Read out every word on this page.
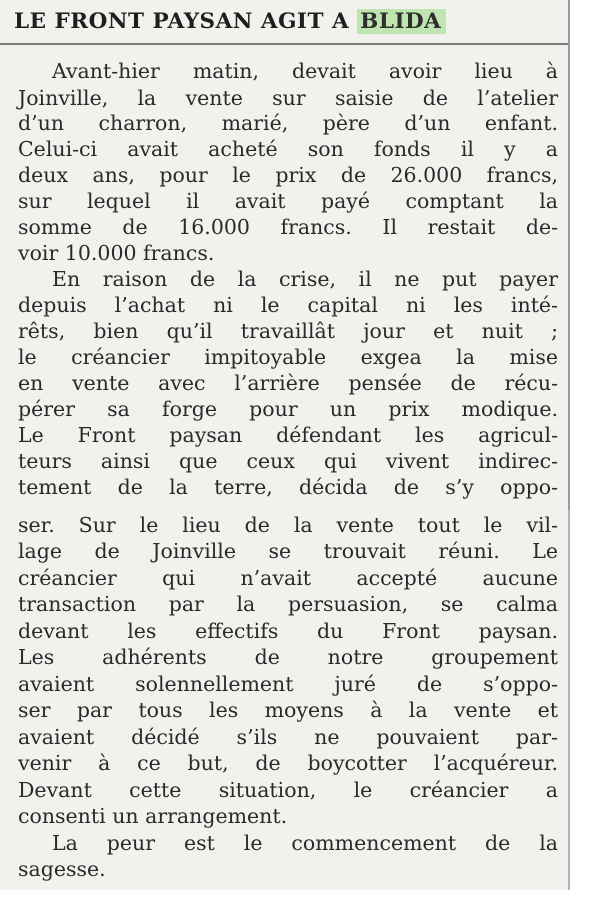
LE FRONT PAYSAN AGIT A BLIDA
Avant-hier matin, devait avoir lieu à
Joinville, la vente sur saisie de l’atelier
d’un charron, marié, père d’un enfant.
Celui-ci avait acheté son fonds il y a
deux ans, pour le prix de 26.000 francs,
sur lequel il avait payé comptant la
somme de 16.000 francs. Il restait de-
voir 10.000 francs.
En raison de la crise, il ne put payer
depuis l’achat ni le capital ni les inté-
rêts, bien qu’il travaillât jour et nuit ;
le créancier impitoyable exgea la mise
en vente avec l’arrière pensée de récu-
pérer sa forge pour un prix modique.
Le Front paysan défendant les agricul-
teurs ainsi que ceux qui vivent indirec-
tement de la terre, décida de s’y oppo-
ser. Sur le lieu de la vente tout le vil-
lage de Joinville se trouvait réuni. Le
créancier qui n’avait accepté aucune
transaction par la persuasion, se calma
devant les effectifs du Front paysan.
Les adhérents de notre groupement
avaient solennellement juré de s’oppo-
ser par tous les moyens à la vente et
avaient décidé s’ils ne pouvaient par-
venir à ce but, de boycotter l’acquéreur.
Devant cette situation, le créancier a
consenti un arrangement.
La peur est le commencement de la
sagesse.
